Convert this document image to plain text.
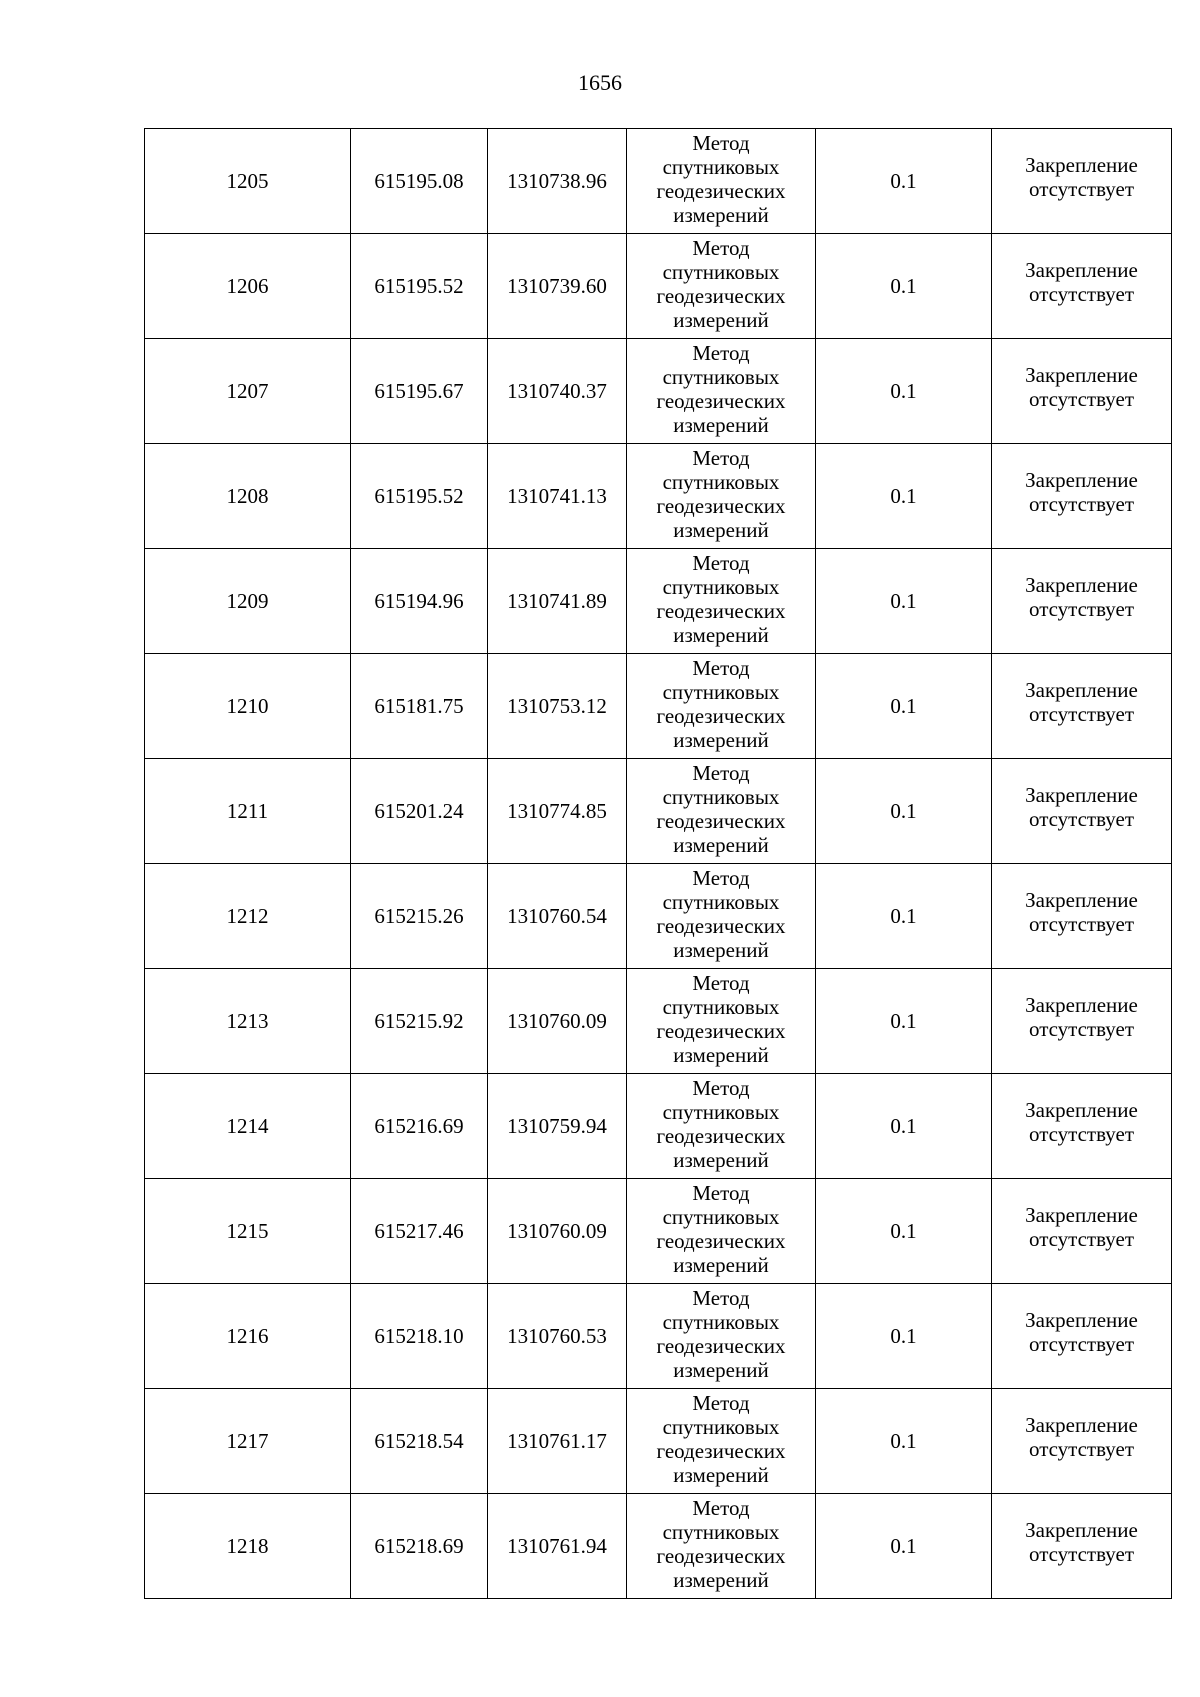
1656
1205	615195.08	1310738.96	Метод
спутниковых
геодезических
измерений	0.1	Закрепление
отсутствует

1206	615195.52	1310739.60	Метод
спутниковых
геодезических
измерений	0.1	Закрепление
отсутствует

1207	615195.67	1310740.37	Метод
спутниковых
геодезических
измерений	0.1	Закрепление
отсутствует

1208	615195.52	1310741.13	Метод
спутниковых
геодезических
измерений	0.1	Закрепление
отсутствует

1209	615194.96	1310741.89	Метод
спутниковых
геодезических
измерений	0.1	Закрепление
отсутствует

1210	615181.75	1310753.12	Метод
спутниковых
геодезических
измерений	0.1	Закрепление
отсутствует

1211	615201.24	1310774.85	Метод
спутниковых
геодезических
измерений	0.1	Закрепление
отсутствует

1212	615215.26	1310760.54	Метод
спутниковых
геодезических
измерений	0.1	Закрепление
отсутствует

1213	615215.92	1310760.09	Метод
спутниковых
геодезических
измерений	0.1	Закрепление
отсутствует

1214	615216.69	1310759.94	Метод
спутниковых
геодезических
измерений	0.1	Закрепление
отсутствует

1215	615217.46	1310760.09	Метод
спутниковых
геодезических
измерений	0.1	Закрепление
отсутствует

1216	615218.10	1310760.53	Метод
спутниковых
геодезических
измерений	0.1	Закрепление
отсутствует

1217	615218.54	1310761.17	Метод
спутниковых
геодезических
измерений	0.1	Закрепление
отсутствует

1218	615218.69	1310761.94	Метод
спутниковых
геодезических
измерений	0.1	Закрепление
отсутствует
